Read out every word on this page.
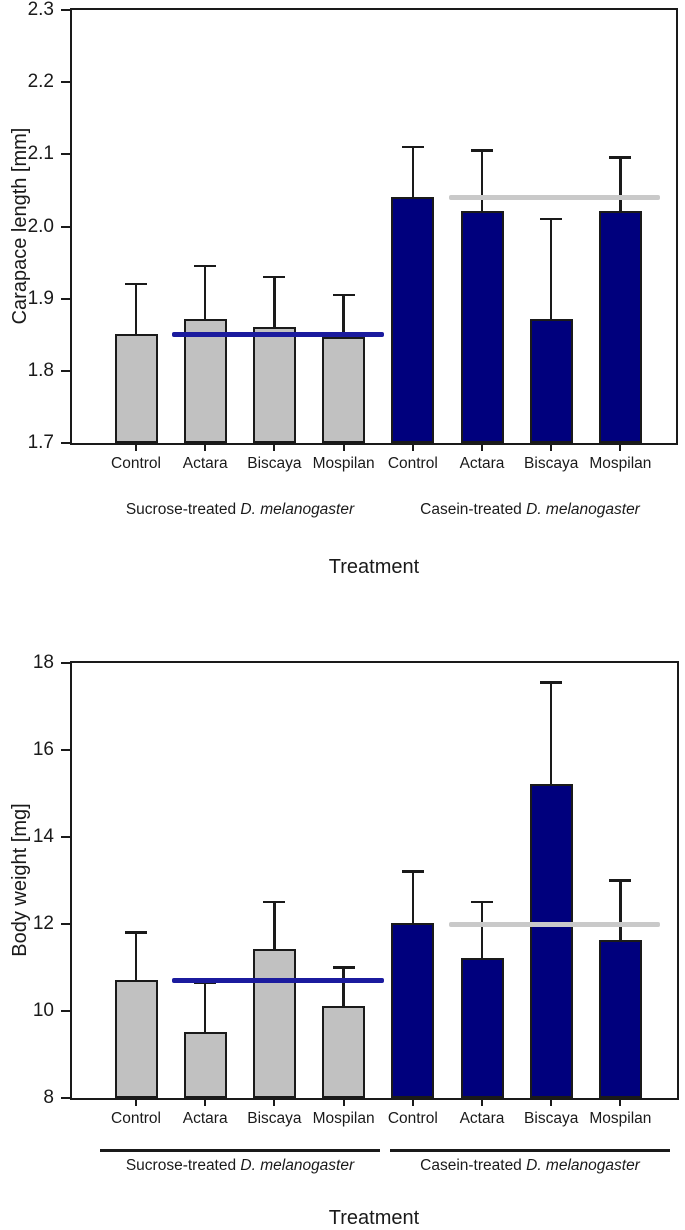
Carapace length [mm]
2.3
2.2
2.1
2.0
1.9
1.8
1.7
Control	Actara	Biscaya Mospilan Control	Actara	Biscaya Mospilan
Sucrose-treated D. melanogaster	Casein-treated D. melanogaster
Treatment
Body weight [mg]
18
16
14
12
10
8
Control	Actara	Biscaya Mospilan Control	Actara	Biscaya Mospilan
Sucrose-treated D. melanogaster	Casein-treated D. melanogaster
Treatment
